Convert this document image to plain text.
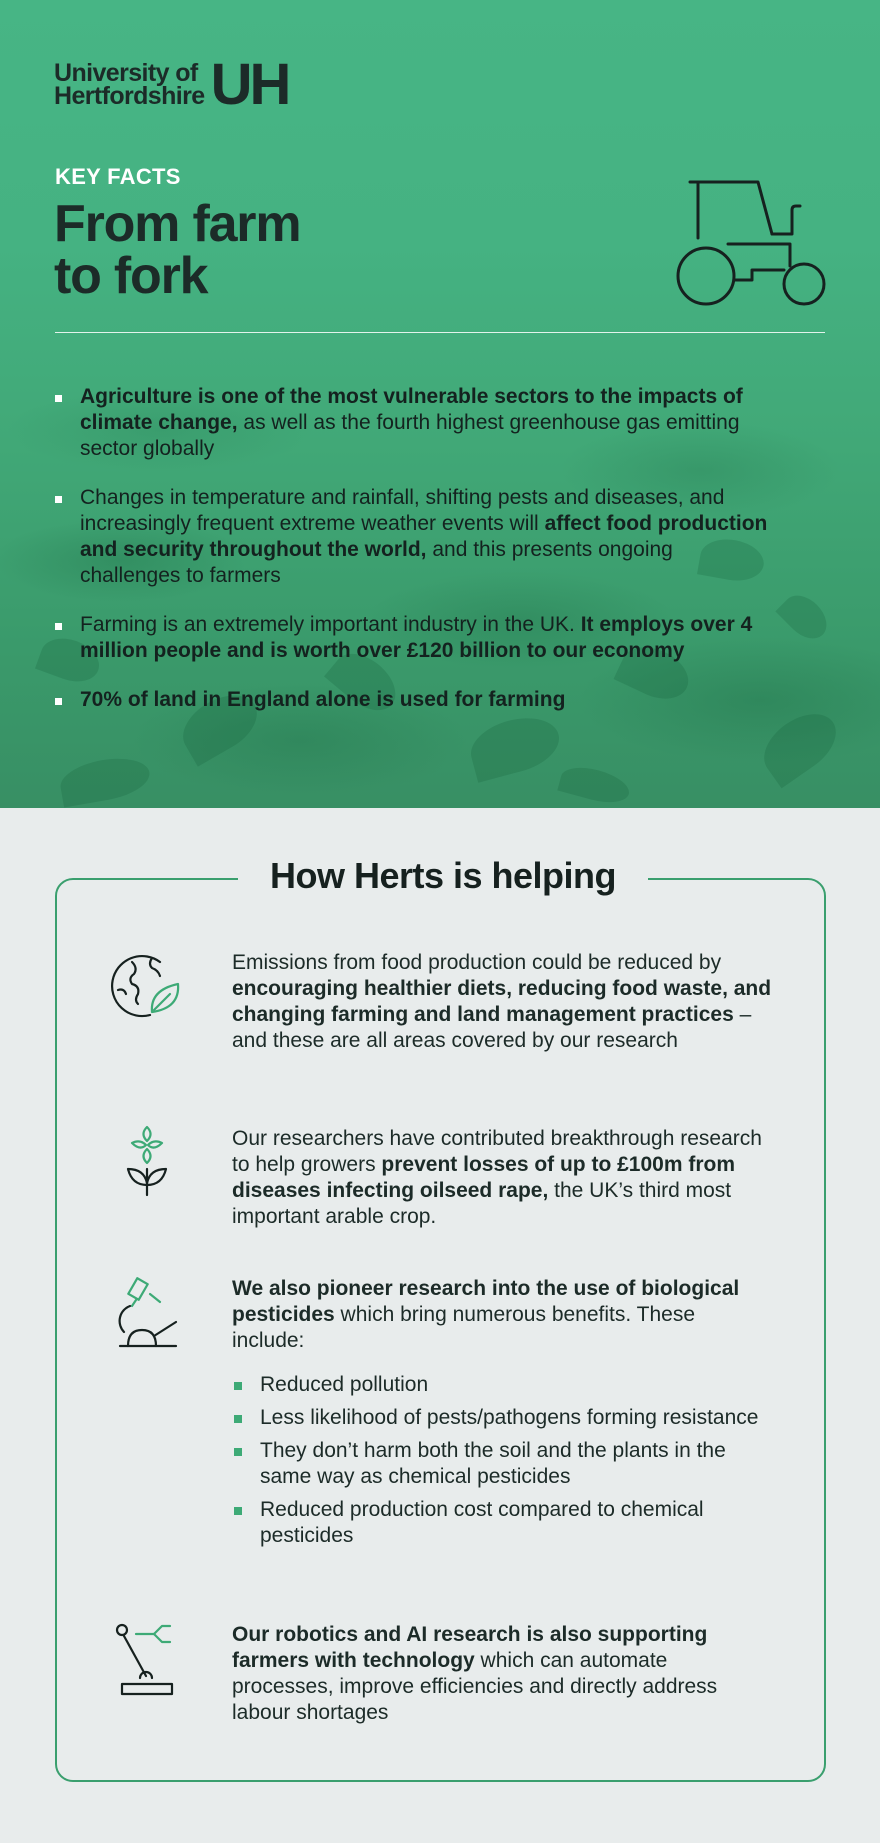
University of
Hertfordshire UH
KEY FACTS
From farm
to fork
Agriculture is one of the most vulnerable sectors to the impacts of climate change, as well as the fourth highest greenhouse gas emitting sector globally
Changes in temperature and rainfall, shifting pests and diseases, and increasingly frequent extreme weather events will affect food production and security throughout the world, and this presents ongoing challenges to farmers
Farming is an extremely important industry in the UK. It employs over 4 million people and is worth over £120 billion to our economy
70% of land in England alone is used for farming
How Herts is helping
Emissions from food production could be reduced by encouraging healthier diets, reducing food waste, and changing farming and land management practices – and these are all areas covered by our research
Our researchers have contributed breakthrough research to help growers prevent losses of up to £100m from diseases infecting oilseed rape, the UK’s third most important arable crop.
We also pioneer research into the use of biological pesticides which bring numerous benefits. These include:
Reduced pollution
Less likelihood of pests/pathogens forming resistance
They don’t harm both the soil and the plants in the same way as chemical pesticides
Reduced production cost compared to chemical pesticides
Our robotics and AI research is also supporting farmers with technology which can automate processes, improve efficiencies and directly address labour shortages
